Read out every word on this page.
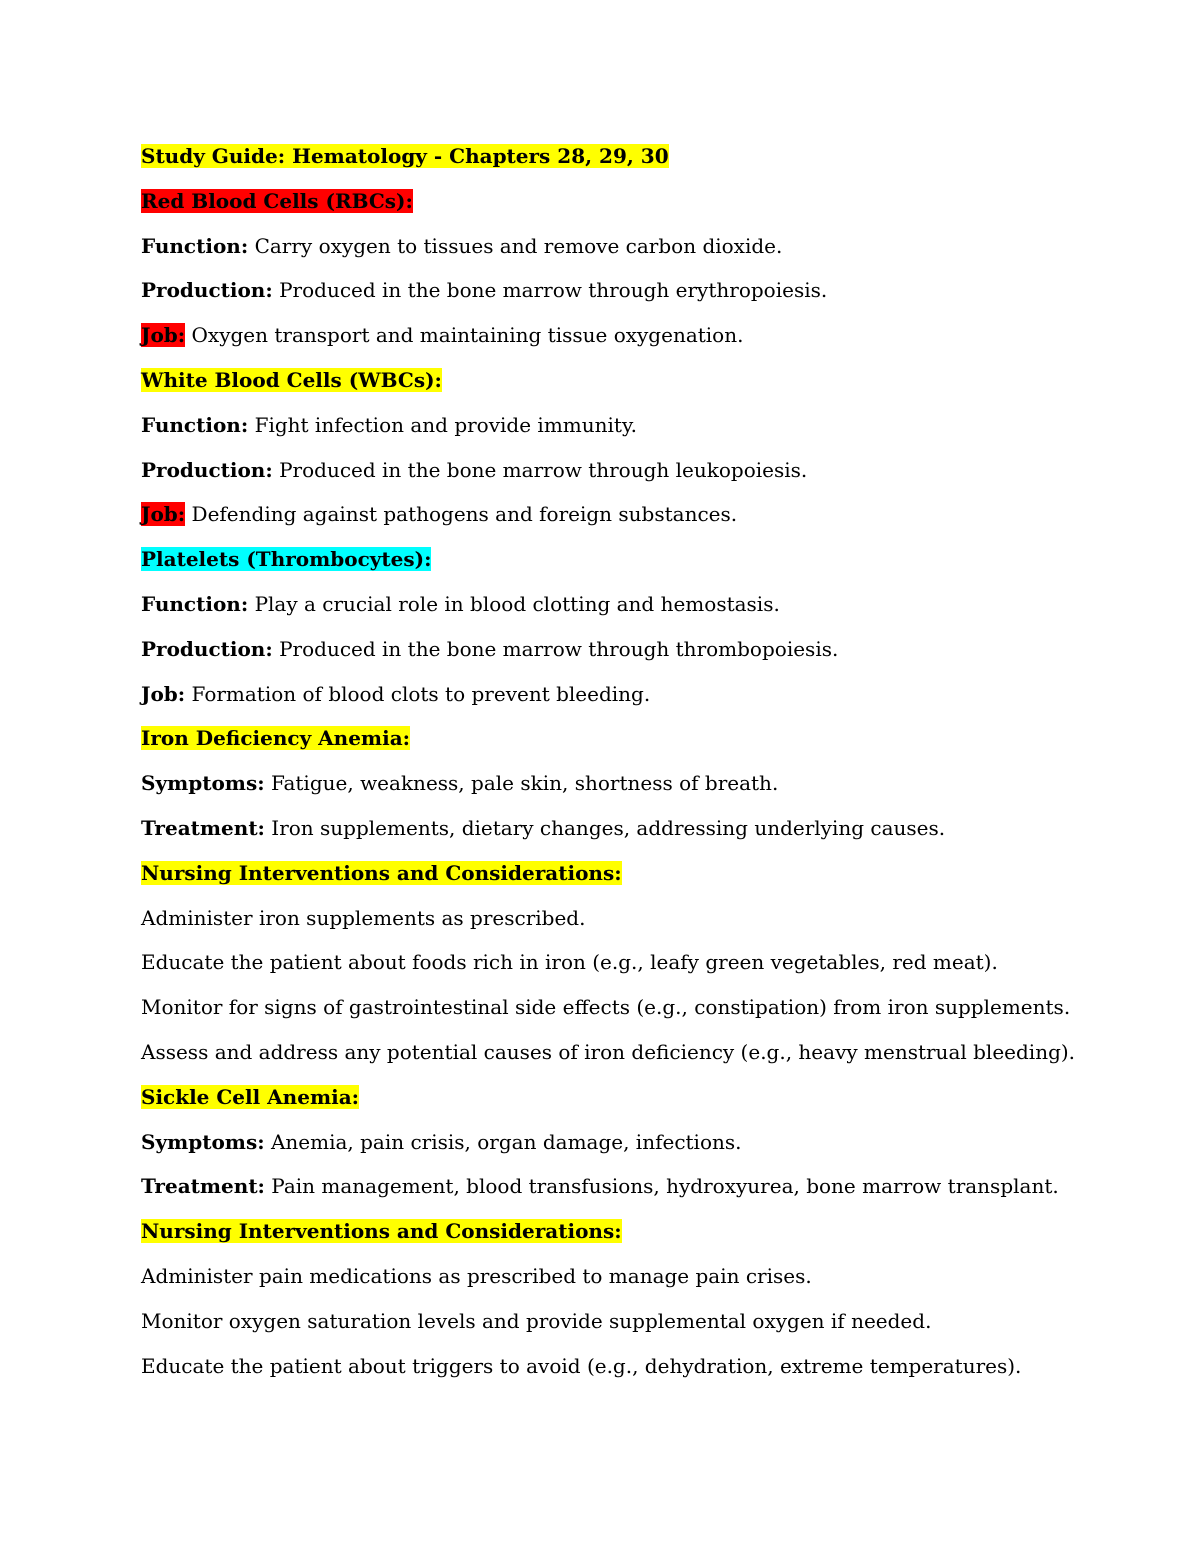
Study Guide: Hematology - Chapters 28, 29, 30
Red Blood Cells (RBCs):
Function: Carry oxygen to tissues and remove carbon dioxide.
Production: Produced in the bone marrow through erythropoiesis.
Job: Oxygen transport and maintaining tissue oxygenation.
White Blood Cells (WBCs):
Function: Fight infection and provide immunity.
Production: Produced in the bone marrow through leukopoiesis.
Job: Defending against pathogens and foreign substances.
Platelets (Thrombocytes):
Function: Play a crucial role in blood clotting and hemostasis.
Production: Produced in the bone marrow through thrombopoiesis.
Job: Formation of blood clots to prevent bleeding.
Iron Deficiency Anemia:
Symptoms: Fatigue, weakness, pale skin, shortness of breath.
Treatment: Iron supplements, dietary changes, addressing underlying causes.
Nursing Interventions and Considerations:
Administer iron supplements as prescribed.
Educate the patient about foods rich in iron (e.g., leafy green vegetables, red meat).
Monitor for signs of gastrointestinal side effects (e.g., constipation) from iron supplements.
Assess and address any potential causes of iron deficiency (e.g., heavy menstrual bleeding).
Sickle Cell Anemia:
Symptoms: Anemia, pain crisis, organ damage, infections.
Treatment: Pain management, blood transfusions, hydroxyurea, bone marrow transplant.
Nursing Interventions and Considerations:
Administer pain medications as prescribed to manage pain crises.
Monitor oxygen saturation levels and provide supplemental oxygen if needed.
Educate the patient about triggers to avoid (e.g., dehydration, extreme temperatures).
